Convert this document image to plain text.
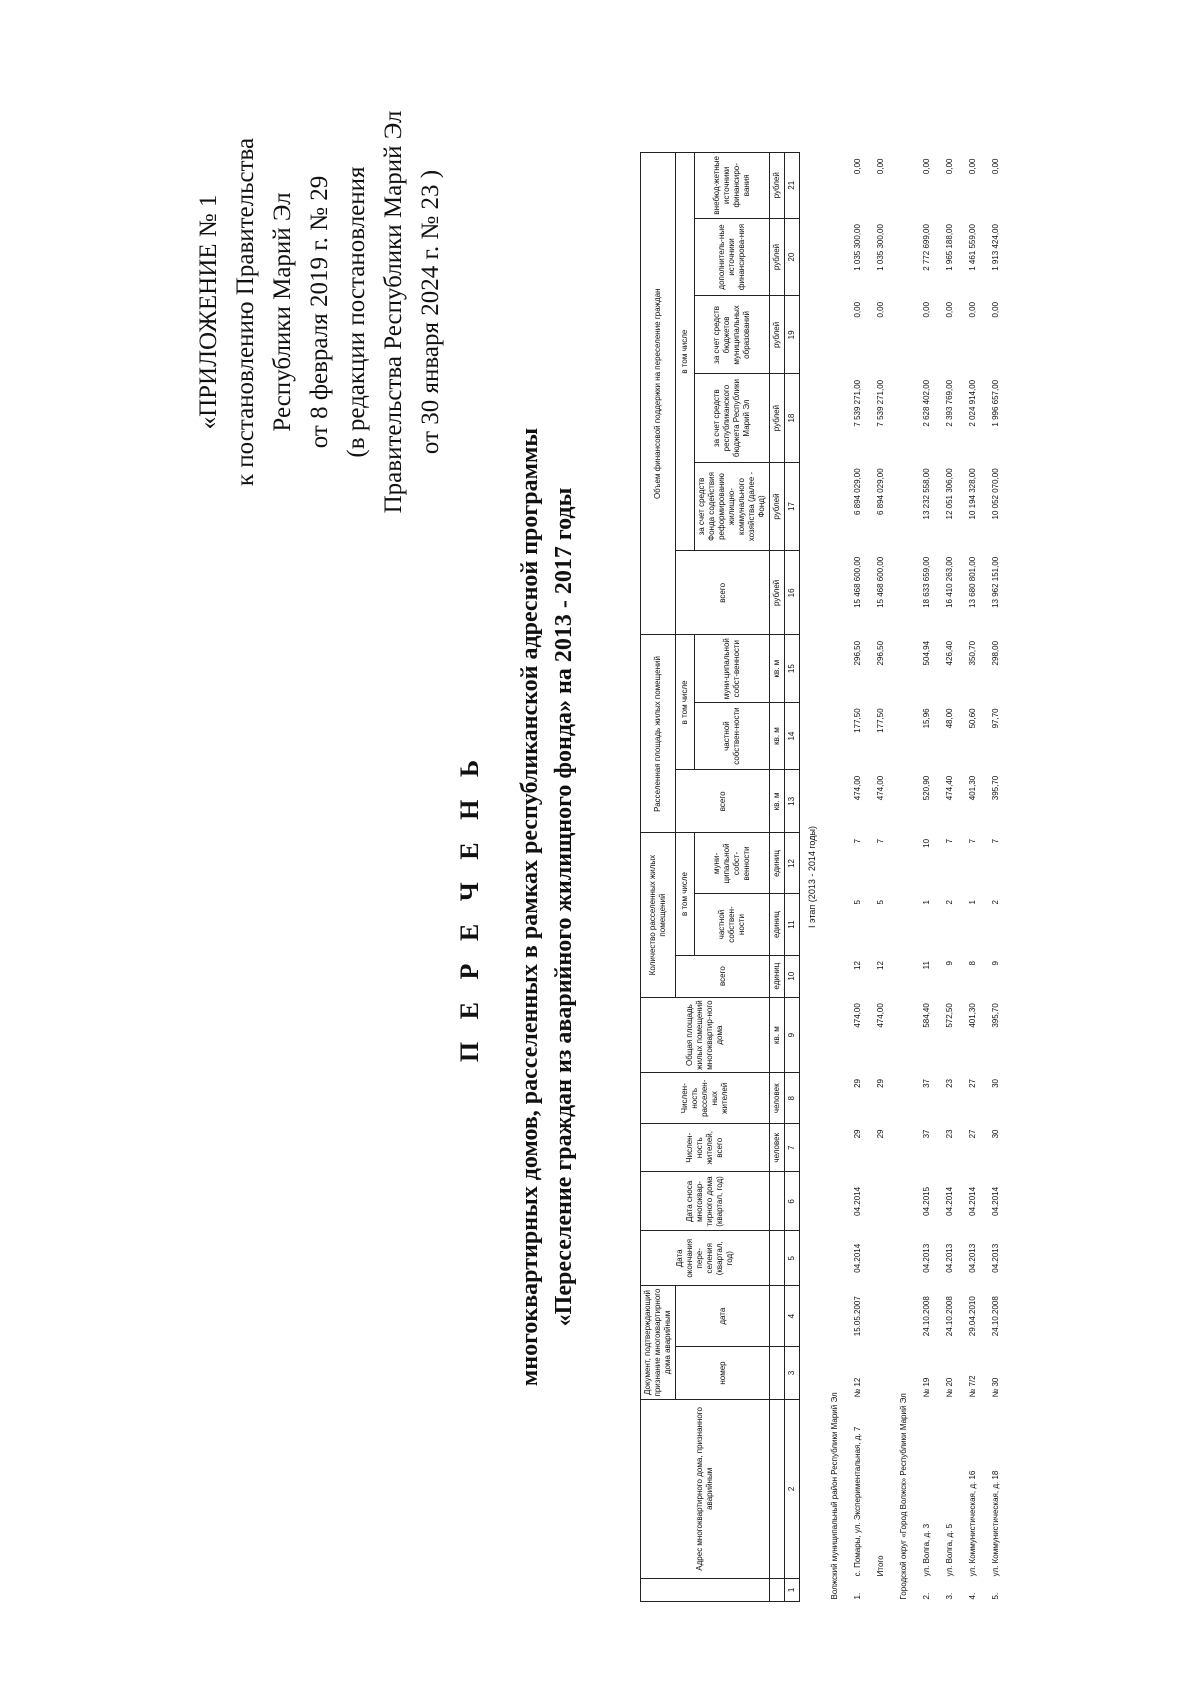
«ПРИЛОЖЕНИЕ № 1 к постановлению Правительства Республики Марий Эл от 8 февраля 2019 г. № 29 (в редакции постановления Правительства Республики Марий Эл от 30 января 2024 г. № 23 )
П Е Р Е Ч Е Н Ь многоквартирных домов, расселенных в рамках республиканской адресной программы «Переселение граждан из аварийного жилищного фонда» на 2013 - 2017 годы
	Адрес многоквартирного дома, признанного аварийным	Документ, подтверждающий признание многоквартирного дома аварийным		Дата окончания пере-селения (квартал, год)	Дата сноса многоквар-тирного дома (квартал, год)	Числен-ность жителей, всего	Числен-ность расселен-ных жителей	Общая площадь жилых помещений многоквартир-ного дома	Количество расселенных жилых помещений			Расселенная площадь жилых помещений			Объем финансовой поддержки на переселение граждан					
		номер	дата						всего	в том числе		всего	в том числе		всего	в том числе				
										частной собствен-ности	муни-ципальной собст-венности		частной собствен-ности	муни-ципальной собст-венности		за счет средств Фонда содействия реформированию жилищно-коммунального хозяйства (далее - Фонд)	за счет средств республиканского бюджета Республики Марий Эл	за счет средств бюджетов муниципальных образований	дополнитель-ные источники финансирова-ния	внебюд-жетные источники финансиро-вания
						человек	человек	кв. м	единиц	единиц	единиц	кв. м	кв. м	кв. м	рублей	рублей	рублей	рублей	рублей	рублей
1	2	3	4	5	6	7	8	9	10	11	12	13	14	15	16	17	18	19	20	21
I этап (2013 - 2014 годы)																				
Волжский муниципальный район Республики Марий Эл																				
1.	с. Помары, ул. Экспериментальная, д. 7	№ 12	15.05.2007	04.2014	04.2014	29	29	474,00	12	5	7	474,00	177,50	296,50	15 468 600,00	6 894 029,00	7 539 271,00	0,00	1 035 300,00	0,00
	Итого					29	29	474,00	12	5	7	474,00	177,50	296,50	15 468 600,00	6 894 029,00	7 539 271,00	0,00	1 035 300,00	0,00
Городской округ «Город Волжск» Республики Марий Эл																				
2.	ул. Волга, д. 3	№ 19	24.10.2008	04.2013	04.2015	37	37	584,40	11	1	10	520,90	15,96	504,94	18 633 659,00	13 232 558,00	2 628 402,00	0,00	2 772 699,00	0,00
3.	ул. Волга, д. 5	№ 20	24.10.2008	04.2013	04.2014	23	23	572,50	9	2	7	474,40	48,00	426,40	16 410 263,00	12 051 306,00	2 393 769,00	0,00	1 965 188,00	0,00
4.	ул. Коммунистическая, д. 16	№ 7/2	29.04.2010	04.2013	04.2014	27	27	401,30	8	1	7	401,30	50,60	350,70	13 680 801,00	10 194 328,00	2 024 914,00	0,00	1 461 559,00	0,00
5.	ул. Коммунистическая, д. 18	№ 30	24.10.2008	04.2013	04.2014	30	30	395,70	9	2	7	395,70	97,70	298,00	13 962 151,00	10 052 070,00	1 996 657,00	0,00	1 913 424,00	0,00
